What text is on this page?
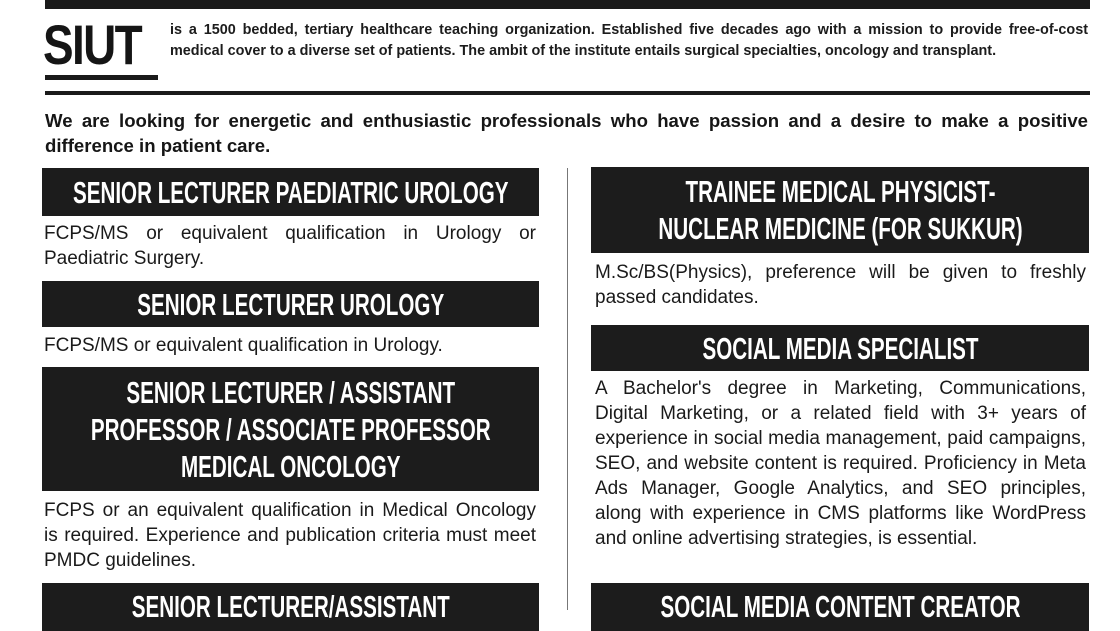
SIUT is a 1500 bedded, tertiary healthcare teaching organization. Established five decades ago with a mission to provide free-of-cost medical cover to a diverse set of patients. The ambit of the institute entails surgical specialties, oncology and transplant.
We are looking for energetic and enthusiastic professionals who have passion and a desire to make a positive difference in patient care.
SENIOR LECTURER PAEDIATRIC UROLOGY
FCPS/MS or equivalent qualification in Urology or Paediatric Surgery.
SENIOR LECTURER UROLOGY
FCPS/MS or equivalent qualification in Urology.
SENIOR LECTURER / ASSISTANT
PROFESSOR / ASSOCIATE PROFESSOR
MEDICAL ONCOLOGY
FCPS or an equivalent qualification in Medical Oncology is required. Experience and publication criteria must meet PMDC guidelines.
SENIOR LECTURER/ASSISTANT
TRAINEE MEDICAL PHYSICIST-
NUCLEAR MEDICINE (FOR SUKKUR)
M.Sc/BS(Physics), preference will be given to freshly passed candidates.
SOCIAL MEDIA SPECIALIST
A Bachelor's degree in Marketing, Communications, Digital Marketing, or a related field with 3+ years of experience in social media management, paid campaigns, SEO, and website content is required. Proficiency in Meta Ads Manager, Google Analytics, and SEO principles, along with experience in CMS platforms like WordPress and online advertising strategies, is essential.
SOCIAL MEDIA CONTENT CREATOR
